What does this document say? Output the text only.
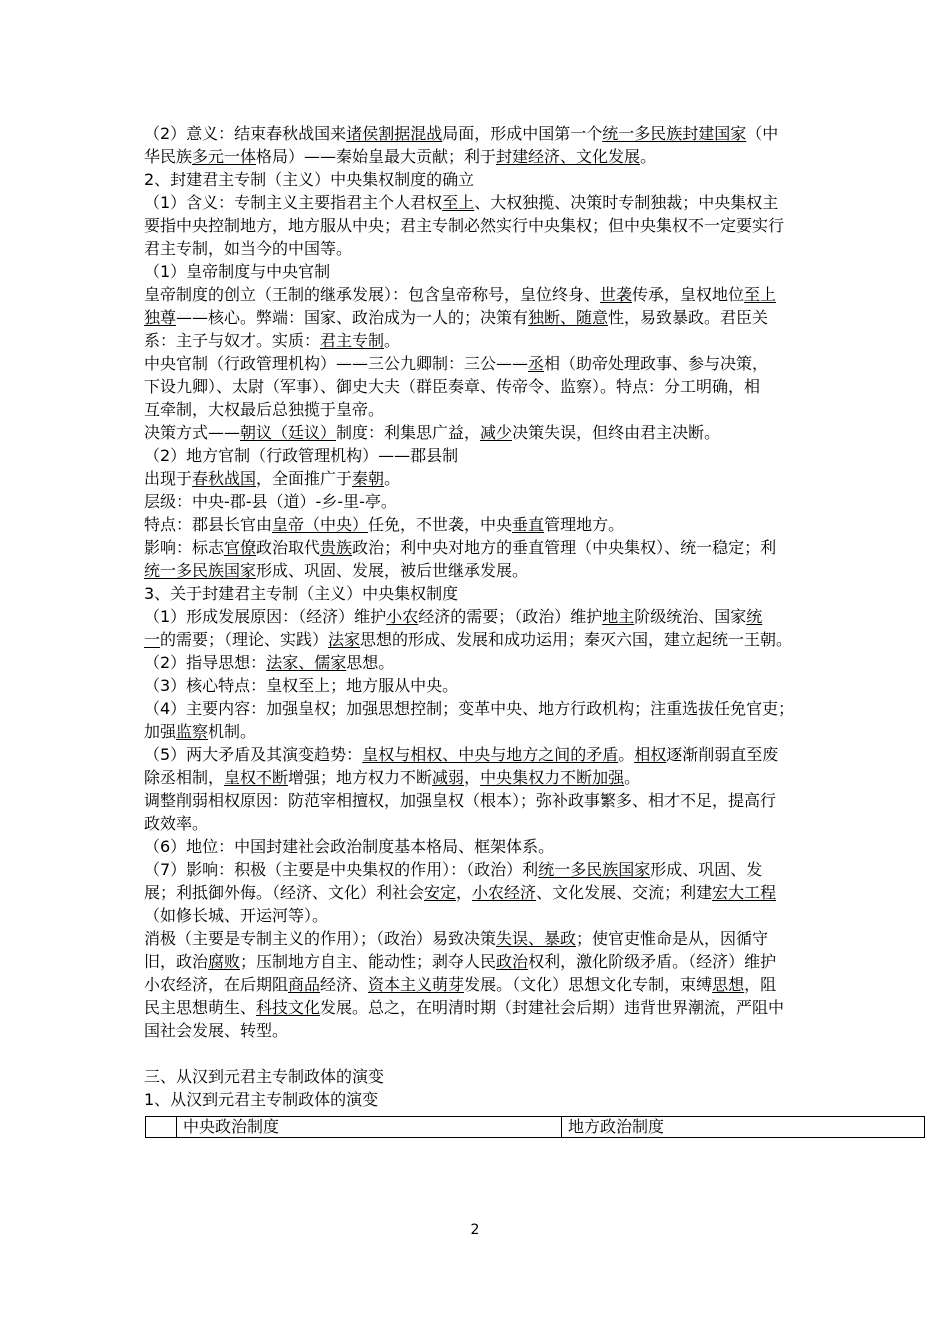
（2）意义：结束春秋战国来诸侯割据混战局面，形成中国第一个统一多民族封建国家（中
华民族多元一体格局）——秦始皇最大贡献；利于封建经济、文化发展。
2、封建君主专制（主义）中央集权制度的确立
（1）含义：专制主义主要指君主个人君权至上、大权独揽、决策时专制独裁；中央集权主
要指中央控制地方，地方服从中央；君主专制必然实行中央集权；但中央集权不一定要实行
君主专制，如当今的中国等。
（1）皇帝制度与中央官制
皇帝制度的创立（王制的继承发展）：包含皇帝称号，皇位终身、世袭传承，皇权地位至上
独尊——核心。弊端：国家、政治成为一人的；决策有独断、随意性，易致暴政。君臣关
系：主子与奴才。实质：君主专制。
中央官制（行政管理机构）——三公九卿制：三公——丞相（助帝处理政事、参与决策，
下设九卿）、太尉（军事）、御史大夫（群臣奏章、传帝令、监察）。特点：分工明确，相
互牵制，大权最后总独揽于皇帝。
决策方式——朝议（廷议）制度：利集思广益，减少决策失误，但终由君主决断。
（2）地方官制（行政管理机构）——郡县制
出现于春秋战国，全面推广于秦朝。
层级：中央-郡-县（道）-乡-里-亭。
特点：郡县长官由皇帝（中央）任免，不世袭，中央垂直管理地方。
影响：标志官僚政治取代贵族政治；利中央对地方的垂直管理（中央集权）、统一稳定；利
统一多民族国家形成、巩固、发展，被后世继承发展。
3、关于封建君主专制（主义）中央集权制度
（1）形成发展原因：（经济）维护小农经济的需要；（政治）维护地主阶级统治、国家统
一的需要；（理论、实践）法家思想的形成、发展和成功运用；秦灭六国，建立起统一王朝。
（2）指导思想：法家、儒家思想。
（3）核心特点：皇权至上；地方服从中央。
（4）主要内容：加强皇权；加强思想控制；变革中央、地方行政机构；注重选拔任免官吏；
加强监察机制。
（5）两大矛盾及其演变趋势：皇权与相权、中央与地方之间的矛盾。相权逐渐削弱直至废
除丞相制，皇权不断增强；地方权力不断减弱，中央集权力不断加强。
调整削弱相权原因：防范宰相擅权，加强皇权（根本）；弥补政事繁多、相才不足，提高行
政效率。
（6）地位：中国封建社会政治制度基本格局、框架体系。
（7）影响：积极（主要是中央集权的作用）：（政治）利统一多民族国家形成、巩固、发
展；利抵御外侮。（经济、文化）利社会安定，小农经济、文化发展、交流；利建宏大工程
（如修长城、开运河等）。
消极（主要是专制主义的作用）；（政治）易致决策失误、暴政；使官吏惟命是从，因循守
旧，政治腐败；压制地方自主、能动性；剥夺人民政治权利，激化阶级矛盾。（经济）维护
小农经济，在后期阻商品经济、资本主义萌芽发展。（文化）思想文化专制，束缚思想，阻
民主思想萌生、科技文化发展。总之，在明清时期（封建社会后期）违背世界潮流，严阻中
国社会发展、转型。
三、从汉到元君主专制政体的演变
1、从汉到元君主专制政体的演变
	中央政治制度	地方政治制度
2
